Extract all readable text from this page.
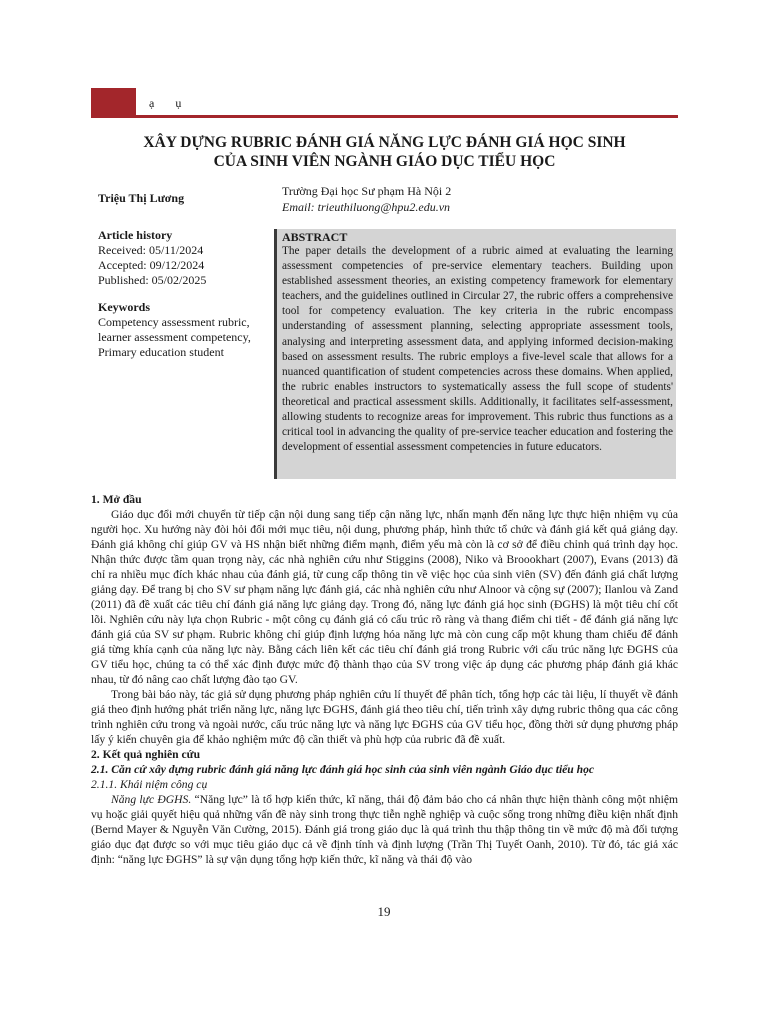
ạ ụ
XÂY DỰNG RUBRIC ĐÁNH GIÁ NĂNG LỰC ĐÁNH GIÁ HỌC SINH
CỦA SINH VIÊN NGÀNH GIÁO DỤC TIỂU HỌC
Triệu Thị Lương	Trường Đại học Sư phạm Hà Nội 2
Email: trieuthiluong@hpu2.edu.vn

Article history

Received: 05/11/2024

Accepted: 09/12/2024

Published: 05/02/2025

Keywords

Competency assessment rubric, learner assessment competency, Primary education student

ABSTRACT
The paper details the development of a rubric aimed at evaluating the learning assessment competencies of pre-service elementary teachers. Building upon established assessment theories, an existing competency framework for elementary teachers, and the guidelines outlined in Circular 27, the rubric offers a comprehensive tool for competency evaluation. The key criteria in the rubric encompass understanding of assessment planning, selecting appropriate assessment tools, analysing and interpreting assessment data, and applying informed decision-making based on assessment results. The rubric employs a five-level scale that allows for a nuanced quantification of student competencies across these domains. When applied, the rubric enables instructors to systematically assess the full scope of students' theoretical and practical assessment skills. Additionally, it facilitates self-assessment, allowing students to recognize areas for improvement. This rubric thus functions as a critical tool in advancing the quality of pre-service teacher education and fostering the development of essential assessment competencies in future educators.

1. Mở đầu

Giáo dục đổi mới chuyển từ tiếp cận nội dung sang tiếp cận năng lực, nhấn mạnh đến năng lực thực hiện nhiệm vụ của người học. Xu hướng này đòi hỏi đổi mới mục tiêu, nội dung, phương pháp, hình thức tổ chức và đánh giá kết quả giảng dạy. Đánh giá không chỉ giúp GV và HS nhận biết những điểm mạnh, điểm yếu mà còn là cơ sở để điều chỉnh quá trình dạy học. Nhận thức được tầm quan trọng này, các nhà nghiên cứu như Stiggins (2008), Niko và Broookhart (2007), Evans (2013) đã chỉ ra nhiều mục đích khác nhau của đánh giá, từ cung cấp thông tin về việc học của sinh viên (SV) đến đánh giá chất lượng giảng dạy. Để trang bị cho SV sư phạm năng lực đánh giá, các nhà nghiên cứu như Alnoor và cộng sự (2007); Ilanlou và Zand (2011) đã đề xuất các tiêu chí đánh giá năng lực giảng dạy. Trong đó, năng lực đánh giá học sinh (ĐGHS) là một tiêu chí cốt lõi. Nghiên cứu này lựa chọn Rubric - một công cụ đánh giá có cấu trúc rõ ràng và thang điểm chi tiết - để đánh giá năng lực đánh giá của SV sư phạm. Rubric không chỉ giúp định lượng hóa năng lực mà còn cung cấp một khung tham chiếu để đánh giá từng khía cạnh của năng lực này. Bằng cách liên kết các tiêu chí đánh giá trong Rubric với cấu trúc năng lực ĐGHS của GV tiểu học, chúng ta có thể xác định được mức độ thành thạo của SV trong việc áp dụng các phương pháp đánh giá khác nhau, từ đó nâng cao chất lượng đào tạo GV.

Trong bài báo này, tác giả sử dụng phương pháp nghiên cứu lí thuyết để phân tích, tổng hợp các tài liệu, lí thuyết về đánh giá theo định hướng phát triển năng lực, năng lực ĐGHS, đánh giá theo tiêu chí, tiến trình xây dựng rubric thông qua các công trình nghiên cứu trong và ngoài nước, cấu trúc năng lực và năng lực ĐGHS của GV tiểu học, đồng thời sử dụng phương pháp lấy ý kiến chuyên gia để khảo nghiệm mức độ cần thiết và phù hợp của rubric đã đề xuất.

2. Kết quả nghiên cứu

2.1. Căn cứ xây dựng rubric đánh giá năng lực đánh giá học sinh của sinh viên ngành Giáo dục tiểu học

2.1.1. Khái niệm công cụ

Năng lực ĐGHS. “Năng lực” là tổ hợp kiến thức, kĩ năng, thái độ đảm bảo cho cá nhân thực hiện thành công một nhiệm vụ hoặc giải quyết hiệu quả những vấn đề này sinh trong thực tiễn nghề nghiệp và cuộc sống trong những điều kiện nhất định (Bernd Mayer & Nguyễn Văn Cường, 2015). Đánh giá trong giáo dục là quá trình thu thập thông tin về mức độ mà đối tượng giáo dục đạt được so với mục tiêu giáo dục cả về định tính và định lượng (Trần Thị Tuyết Oanh, 2010). Từ đó, tác giả xác định: “năng lực ĐGHS” là sự vận dụng tổng hợp kiến thức, kĩ năng và thái độ vào

19
